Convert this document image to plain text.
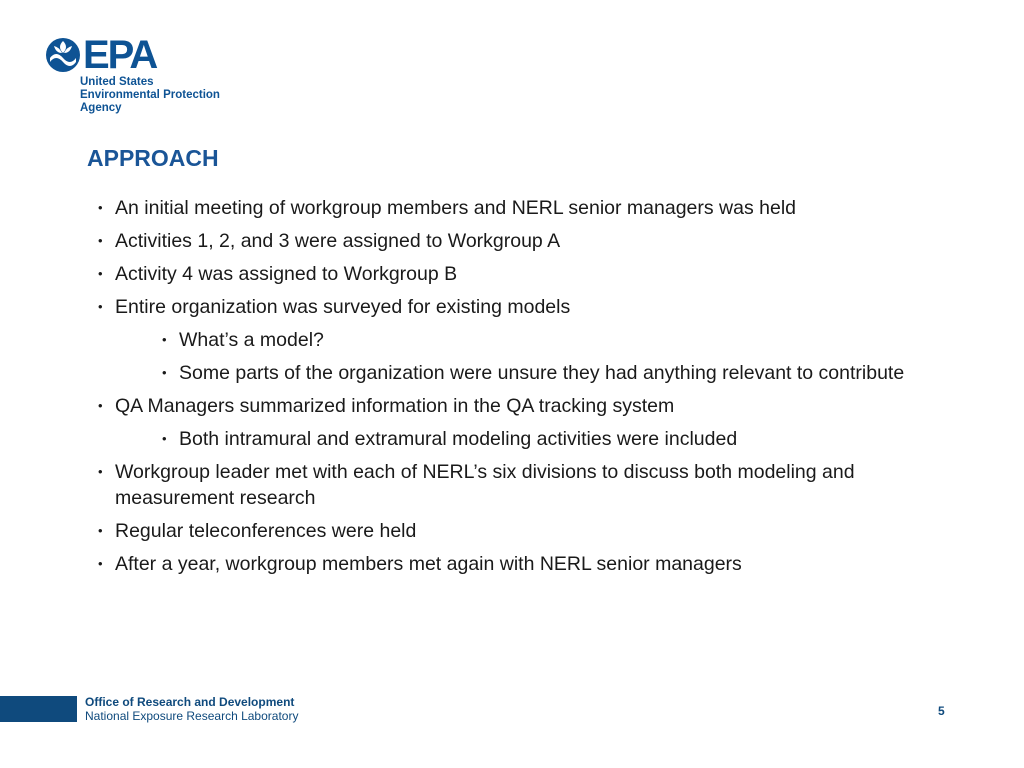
EPA
United States
Environmental Protection
Agency
APPROACH
• An initial meeting of workgroup members and NERL senior managers was held
• Activities 1, 2, and 3 were assigned to Workgroup A
• Activity 4 was assigned to Workgroup B
• Entire organization was surveyed for existing models
• What’s a model?
• Some parts of the organization were unsure they had anything relevant to contribute
• QA Managers summarized information in the QA tracking system
• Both intramural and extramural modeling activities were included
• Workgroup leader met with each of NERL’s six divisions to discuss both modeling and measurement research
• Regular teleconferences were held
• After a year, workgroup members met again with NERL senior managers
Office of Research and Development
National Exposure Research Laboratory	5
